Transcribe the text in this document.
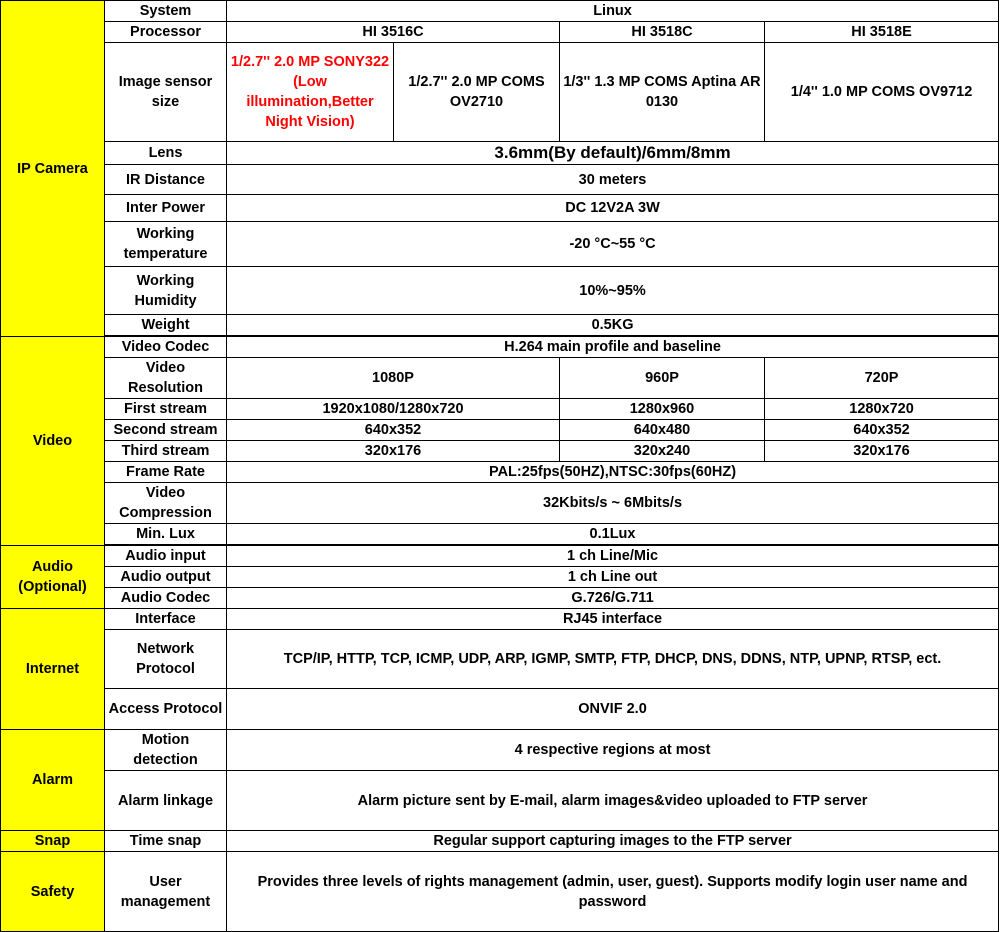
IP Camera	System	Linux			
	Processor	HI 3516C		HI 3518C	HI 3518E
	Image sensor size	1/2.7'' 2.0 MP SONY322 (Low illumination,Better Night Vision)	1/2.7'' 2.0 MP COMS OV2710	1/3'' 1.3 MP COMS Aptina AR 0130	1/4'' 1.0 MP COMS OV9712
	Lens	3.6mm(By default)/6mm/8mm			
	IR Distance	30 meters			
	Inter Power	DC 12V2A 3W			
	Working temperature	-20 °C~55 °C			
	Working Humidity	10%~95%			
	Weight	0.5KG			

Video	Video Codec	H.264 main profile and baseline			
	Video Resolution	1080P		960P	720P
	First stream	1920x1080/1280x720		1280x960	1280x720
	Second stream	640x352		640x480	640x352
	Third stream	320x176		320x240	320x176
	Frame Rate	PAL:25fps(50HZ),NTSC:30fps(60HZ)			
	Video Compression	32Kbits/s ~ 6Mbits/s			
	Min. Lux	0.1Lux			

Audio (Optional)	Audio input	1 ch Line/Mic			
	Audio output	1 ch Line out			
	Audio Codec	G.726/G.711			
Internet	Interface	RJ45 interface			
	Network Protocol	TCP/IP, HTTP, TCP, ICMP, UDP, ARP, IGMP, SMTP, FTP, DHCP, DNS, DDNS, NTP, UPNP, RTSP, ect.			
	Access Protocol	ONVIF 2.0			
Alarm	Motion detection	4 respective regions at most			
	Alarm linkage	Alarm picture sent by E-mail, alarm images&video uploaded to FTP server			
Snap	Time snap	Regular support capturing images to the FTP server			
Safety	User management	Provides three levels of rights management (admin, user, guest). Supports modify login user name and password			
